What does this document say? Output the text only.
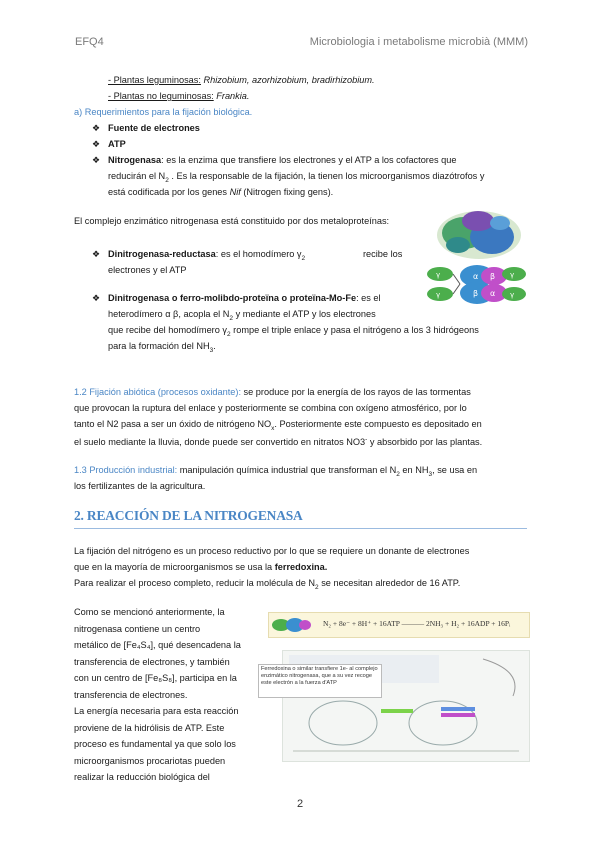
EFQ4	Microbiologia i metabolisme microbià (MMM)
- Plantas leguminosas: Rhizobium, azorhizobium, bradirhizobium.
- Plantas no leguminosas: Frankia.
a) Requerimientos para la fijación biológica.
❖ Fuente de electrones
❖ ATP
❖ Nitrogenasa: es la enzima que transfiere los electrones y el ATP a los cofactores que
reducirán el $N_2$ . Es la responsable de la fijación, la tienen los microorganismos diazótrofos y
está codificada por los genes Nif (Nitrogen fixing gens).
El complejo enzimático nitrogenasa está constituido por dos metaloproteínas:
❖ Dinitrogenasa-reductasa: es el homodímero $\gamma_2$	recibe los
electrones y el ATP	γ
γ
α
β
β
α
γ
γ
❖ Dinitrogenasa o ferro-molibdo-proteïna o proteïna-Mo-Fe: es el
heterodímero α β, acopla el $N_2$ y mediante el ATP y los electrones
que recibe del homodímero $\gamma_2$ rompe el triple enlace y pasa el nitrógeno a los 3 hidrógeons
para la formación del $NH_3$.
1.2 Fijación abiótica (procesos oxidante): se produce por la energía de los rayos de las tormentas
que provocan la ruptura del enlace y posteriormente se combina con oxígeno atmosférico, por lo
tanto el N2 pasa a ser un óxido de nitrógeno $NO_x$. Posteriormente este compuesto es depositado en
el suelo mediante la lluvia, donde puede ser convertido en nitratos NO3- y absorbido por las plantas.
1.3 Producción industrial: manipulación química industrial que transforman el $N_2$ en $NH_3$, se usa en
los fertilizantes de la agricultura.
2. REACCIÓN DE LA NITROGENASA
La fijación del nitrógeno es un proceso reductivo por lo que se requiere un donante de electrones
que en la mayoría de microorganismos se usa la ferredoxina.
Para realizar el proceso completo, reducir la molécula de $N_2$ se necesitan alrededor de 16 ATP.
Como se mencionó anteriormente, la
nitrogenasa contiene un centro
metálico de [Fe₄S₄], qué desencadena la
transferencia de electrones, y también
con un centro de [Fe₈S₈], participa en la
transferencia de electrones.
La energía necesaria para esta reacción
proviene de la hidrólisis de ATP. Este
proceso es fundamental ya que solo los
microorganismos procariotas pueden
realizar la reducción biológica del
N₂ + 8e⁻ + 8H⁺ + 16ATP ——— 2NH₃ + H₂ + 16ADP + 16Pᵢ
Ferredoxina o similar transfiere 1e- al complejo enzimático nitrogenasa, que a su vez recoge este electrón a la fuerza d'ATP
2
